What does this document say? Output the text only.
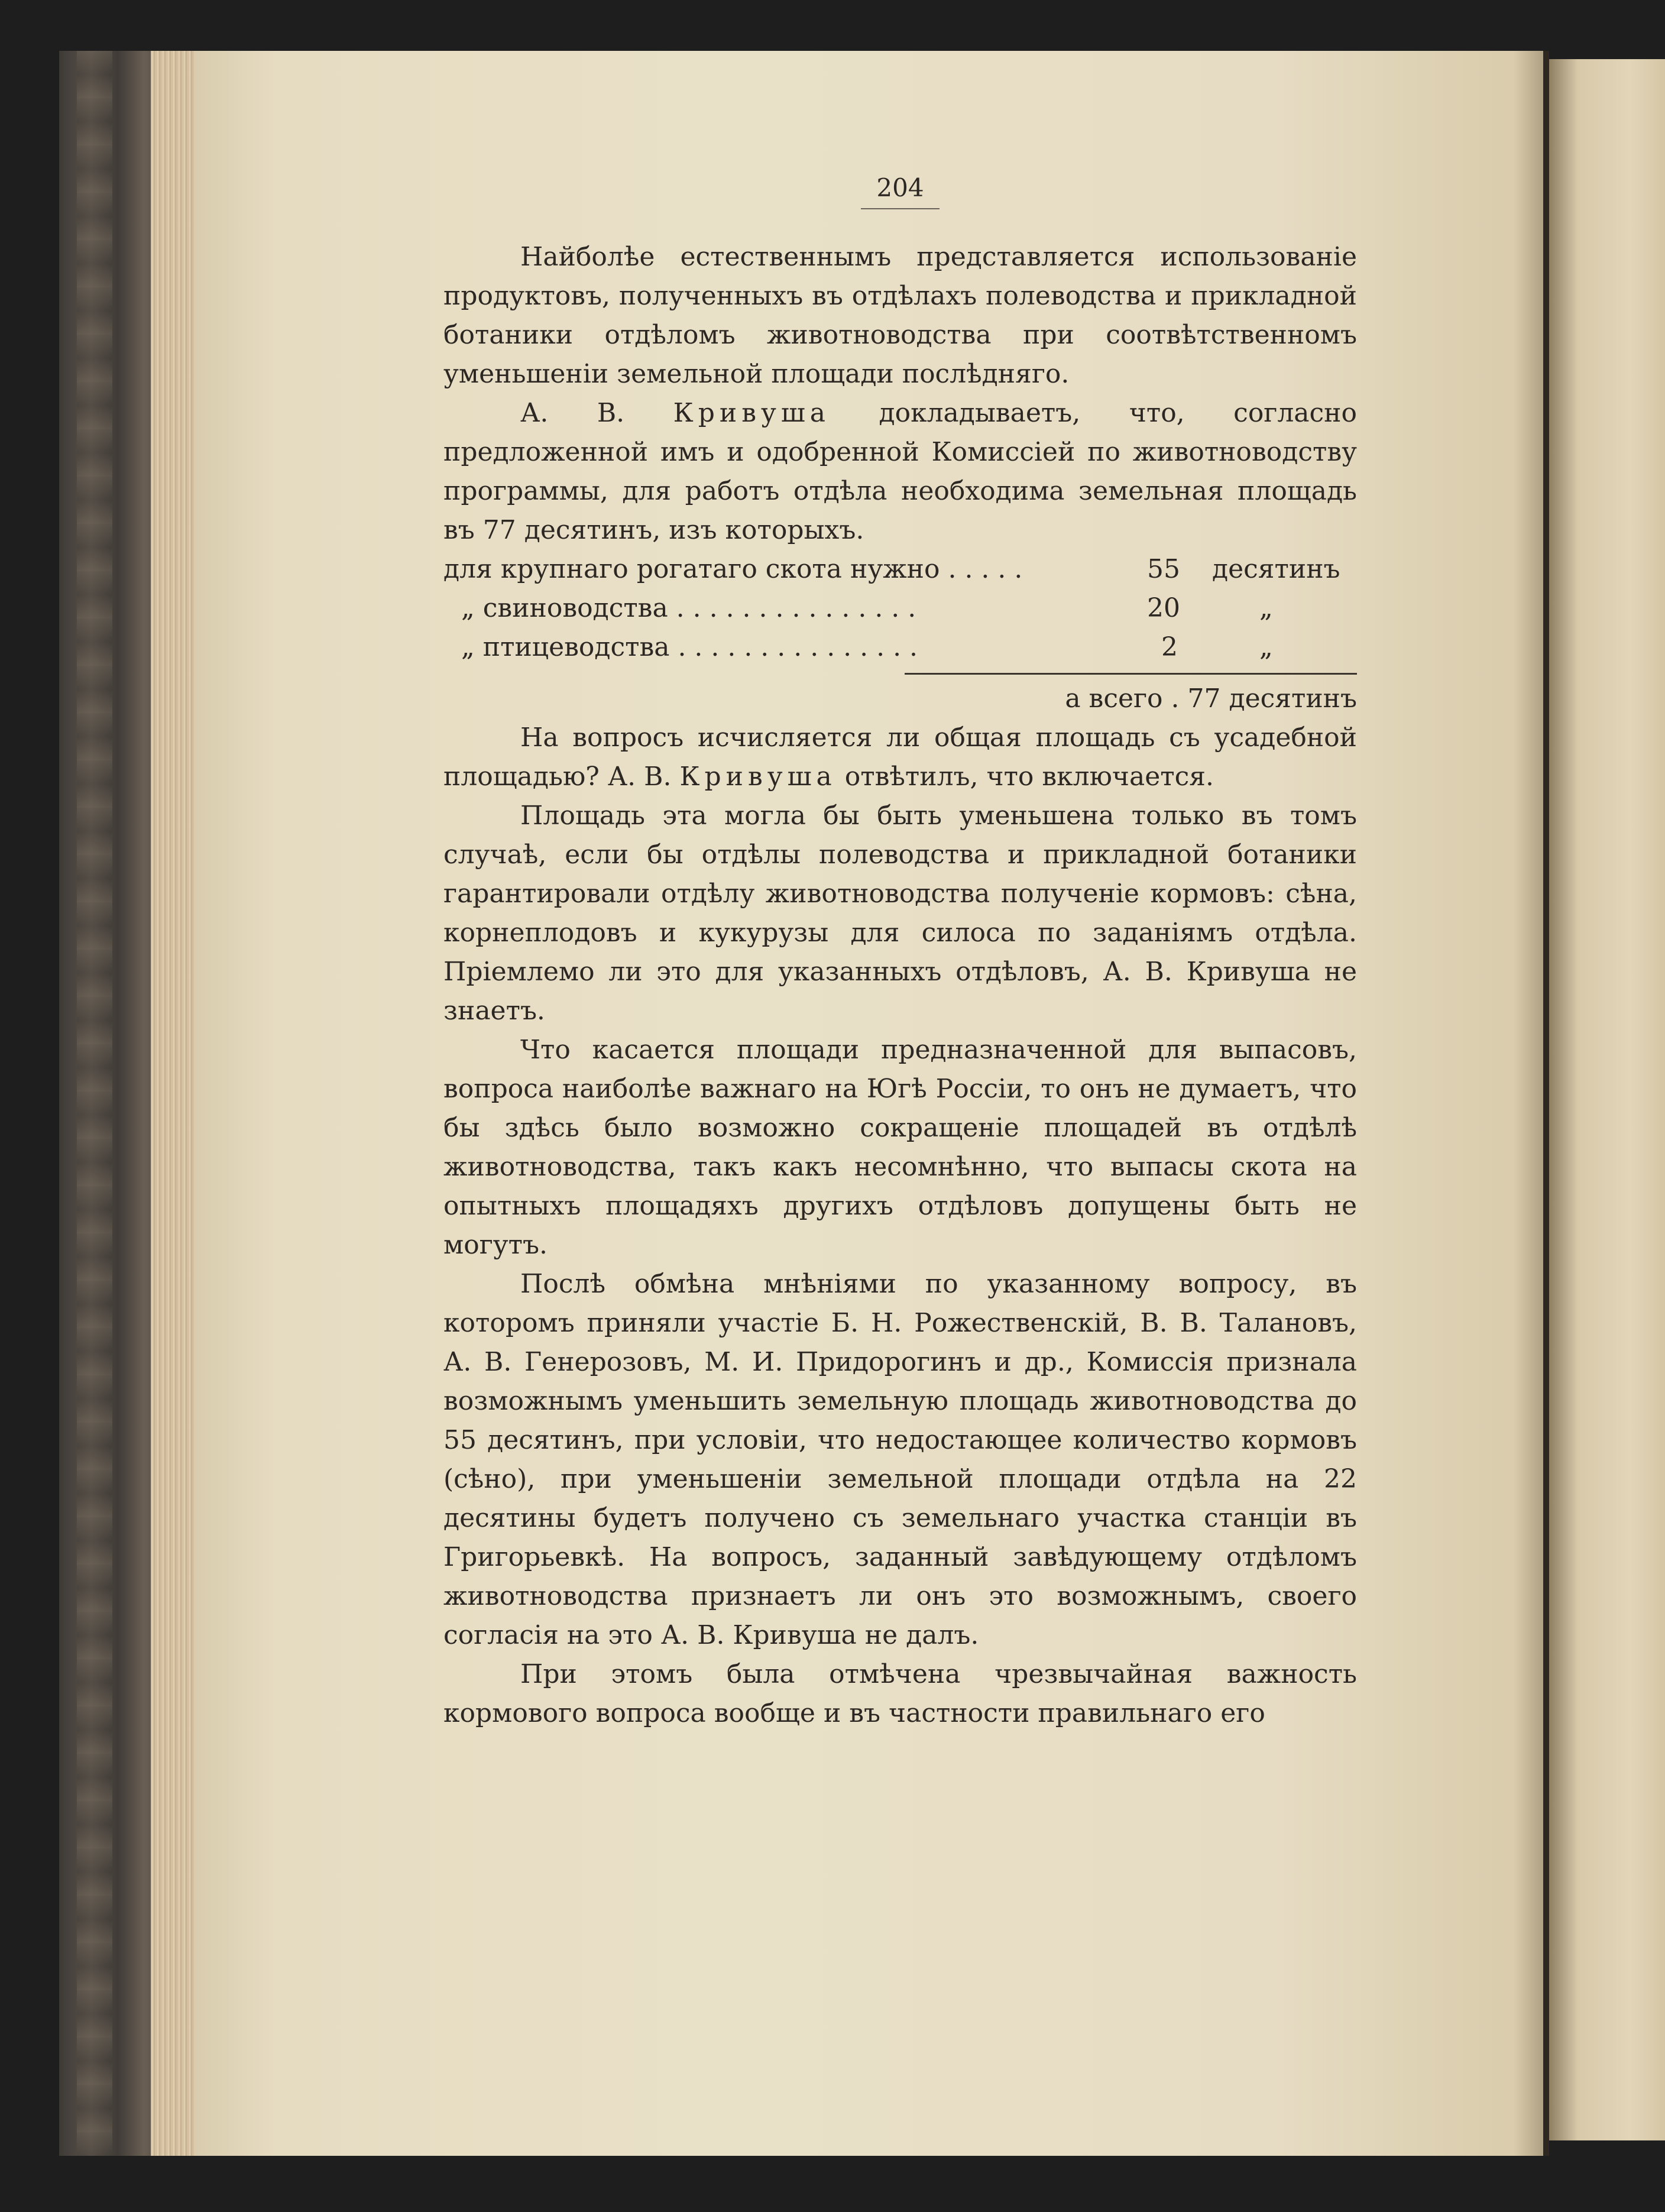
204

Найболѣе естественнымъ представляется использованіе продуктовъ, полученныхъ въ отдѣлахъ полеводства и прикладной ботаники отдѣломъ животноводства при соотвѣтственномъ уменьшеніи земельной площади послѣдняго.

А. В. Кривуша докладываетъ, что, согласно предложенной имъ и одобренной Комиссіей по животноводству программы, для работъ отдѣла необходима земельная площадь въ 77 десятинъ, изъ которыхъ.

для крупнаго рогатаго скота нужно . . . . .	55	десятинъ
„ свиноводства . . . . . . . . . . . . . . .	20	„
„ птицеводства . . . . . . . . . . . . . . .	2	„

а всего . 77 десятинъ

На вопросъ исчисляется ли общая площадь съ усадебной площадью? А. В. Кривуша отвѣтилъ, что включается.

Площадь эта могла бы быть уменьшена только въ томъ случаѣ, если бы отдѣлы полеводства и прикладной ботаники гарантировали отдѣлу животноводства полученіе кормовъ: сѣна, корнеплодовъ и кукурузы для силоса по заданіямъ отдѣла. Пріемлемо ли это для указанныхъ отдѣловъ, А. В. Кривуша не знаетъ.

Что касается площади предназначенной для выпасовъ, вопроса наиболѣе важнаго на Югѣ Россіи, то онъ не думаетъ, что бы здѣсь было возможно сокращеніе площадей въ отдѣлѣ животноводства, такъ какъ несомнѣнно, что выпасы скота на опытныхъ площадяхъ другихъ отдѣловъ допущены быть не могутъ.

Послѣ обмѣна мнѣніями по указанному вопросу, въ которомъ приняли участіе Б. Н. Рожественскій, В. В. Талановъ, А. В. Генерозовъ, М. И. Придорогинъ и др., Комиссія признала возможнымъ уменьшить земельную площадь животноводства до 55 десятинъ, при условіи, что недостающее количество кормовъ (сѣно), при уменьшеніи земельной площади отдѣла на 22 десятины будетъ получено съ земельнаго участка станціи въ Григорьевкѣ. На вопросъ, заданный завѣдующему отдѣломъ животноводства признаетъ ли онъ это возможнымъ, своего согласія на это А. В. Кривуша не далъ.

При этомъ была отмѣчена чрезвычайная важность кормового вопроса вообще и въ частности правильнаго его
